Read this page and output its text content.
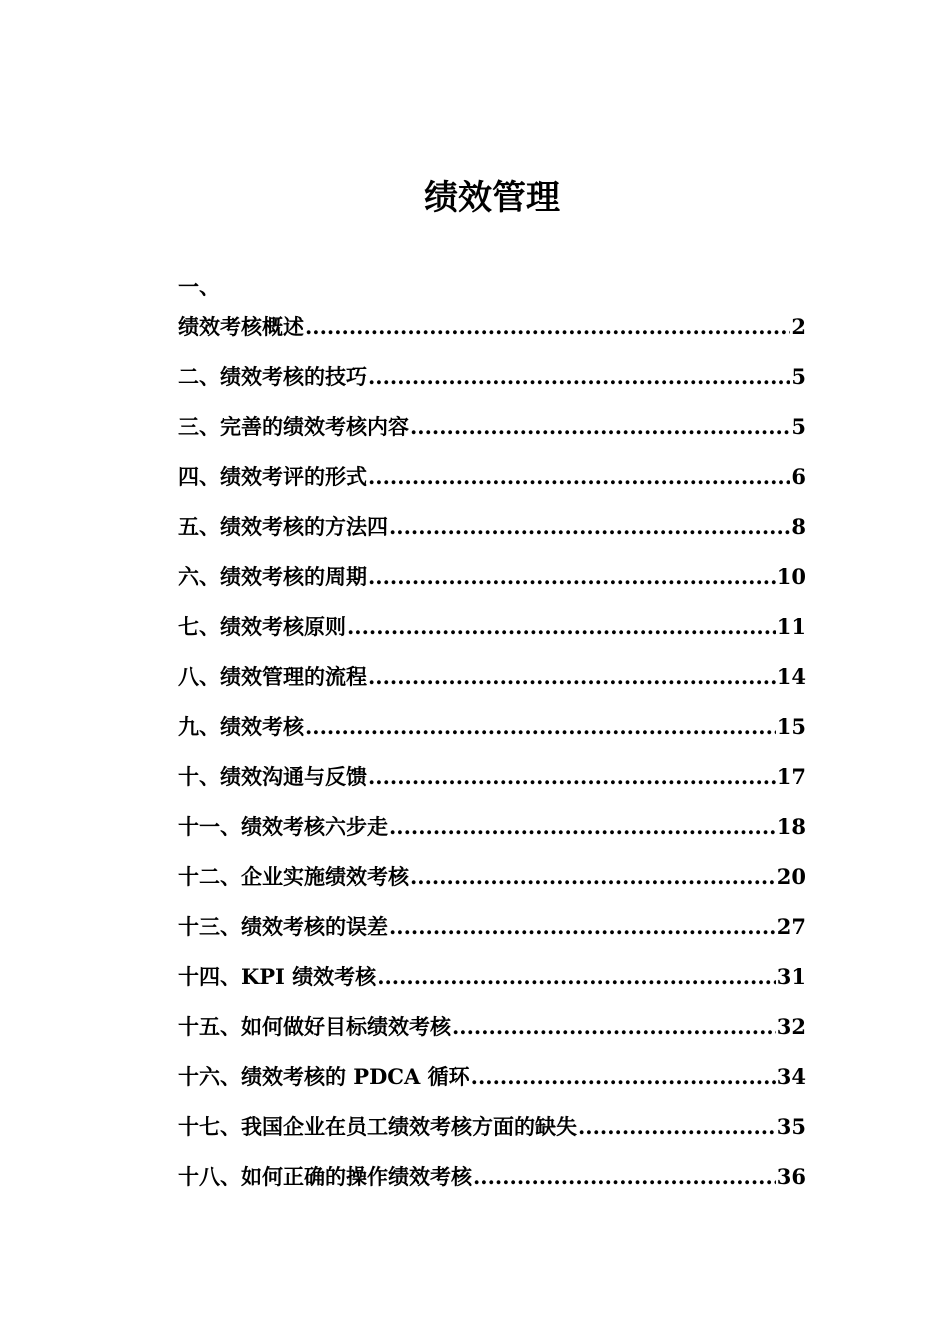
绩效管理
一、
绩效考核概述 .....	2
二、绩效考核的技巧 .....	5
三、完善的绩效考核内容 .....	5
四、绩效考评的形式 .....	6
五、绩效考核的方法四 .....	8
六、绩效考核的周期 .....	10
七、绩效考核原则 .....	11
八、绩效管理的流程 .....	14
九、绩效考核 .....	15
十、绩效沟通与反馈 .....	17
十一、绩效考核六步走 .....	18
十二、企业实施绩效考核 .....	20
十三、绩效考核的误差 .....	27
十四、KPI 绩效考核 .....	31
十五、如何做好目标绩效考核 .....	32
十六、绩效考核的 PDCA 循环 .....	34
十七、我国企业在员工绩效考核方面的缺失 .....	35
十八、如何正确的操作绩效考核 .....	36
